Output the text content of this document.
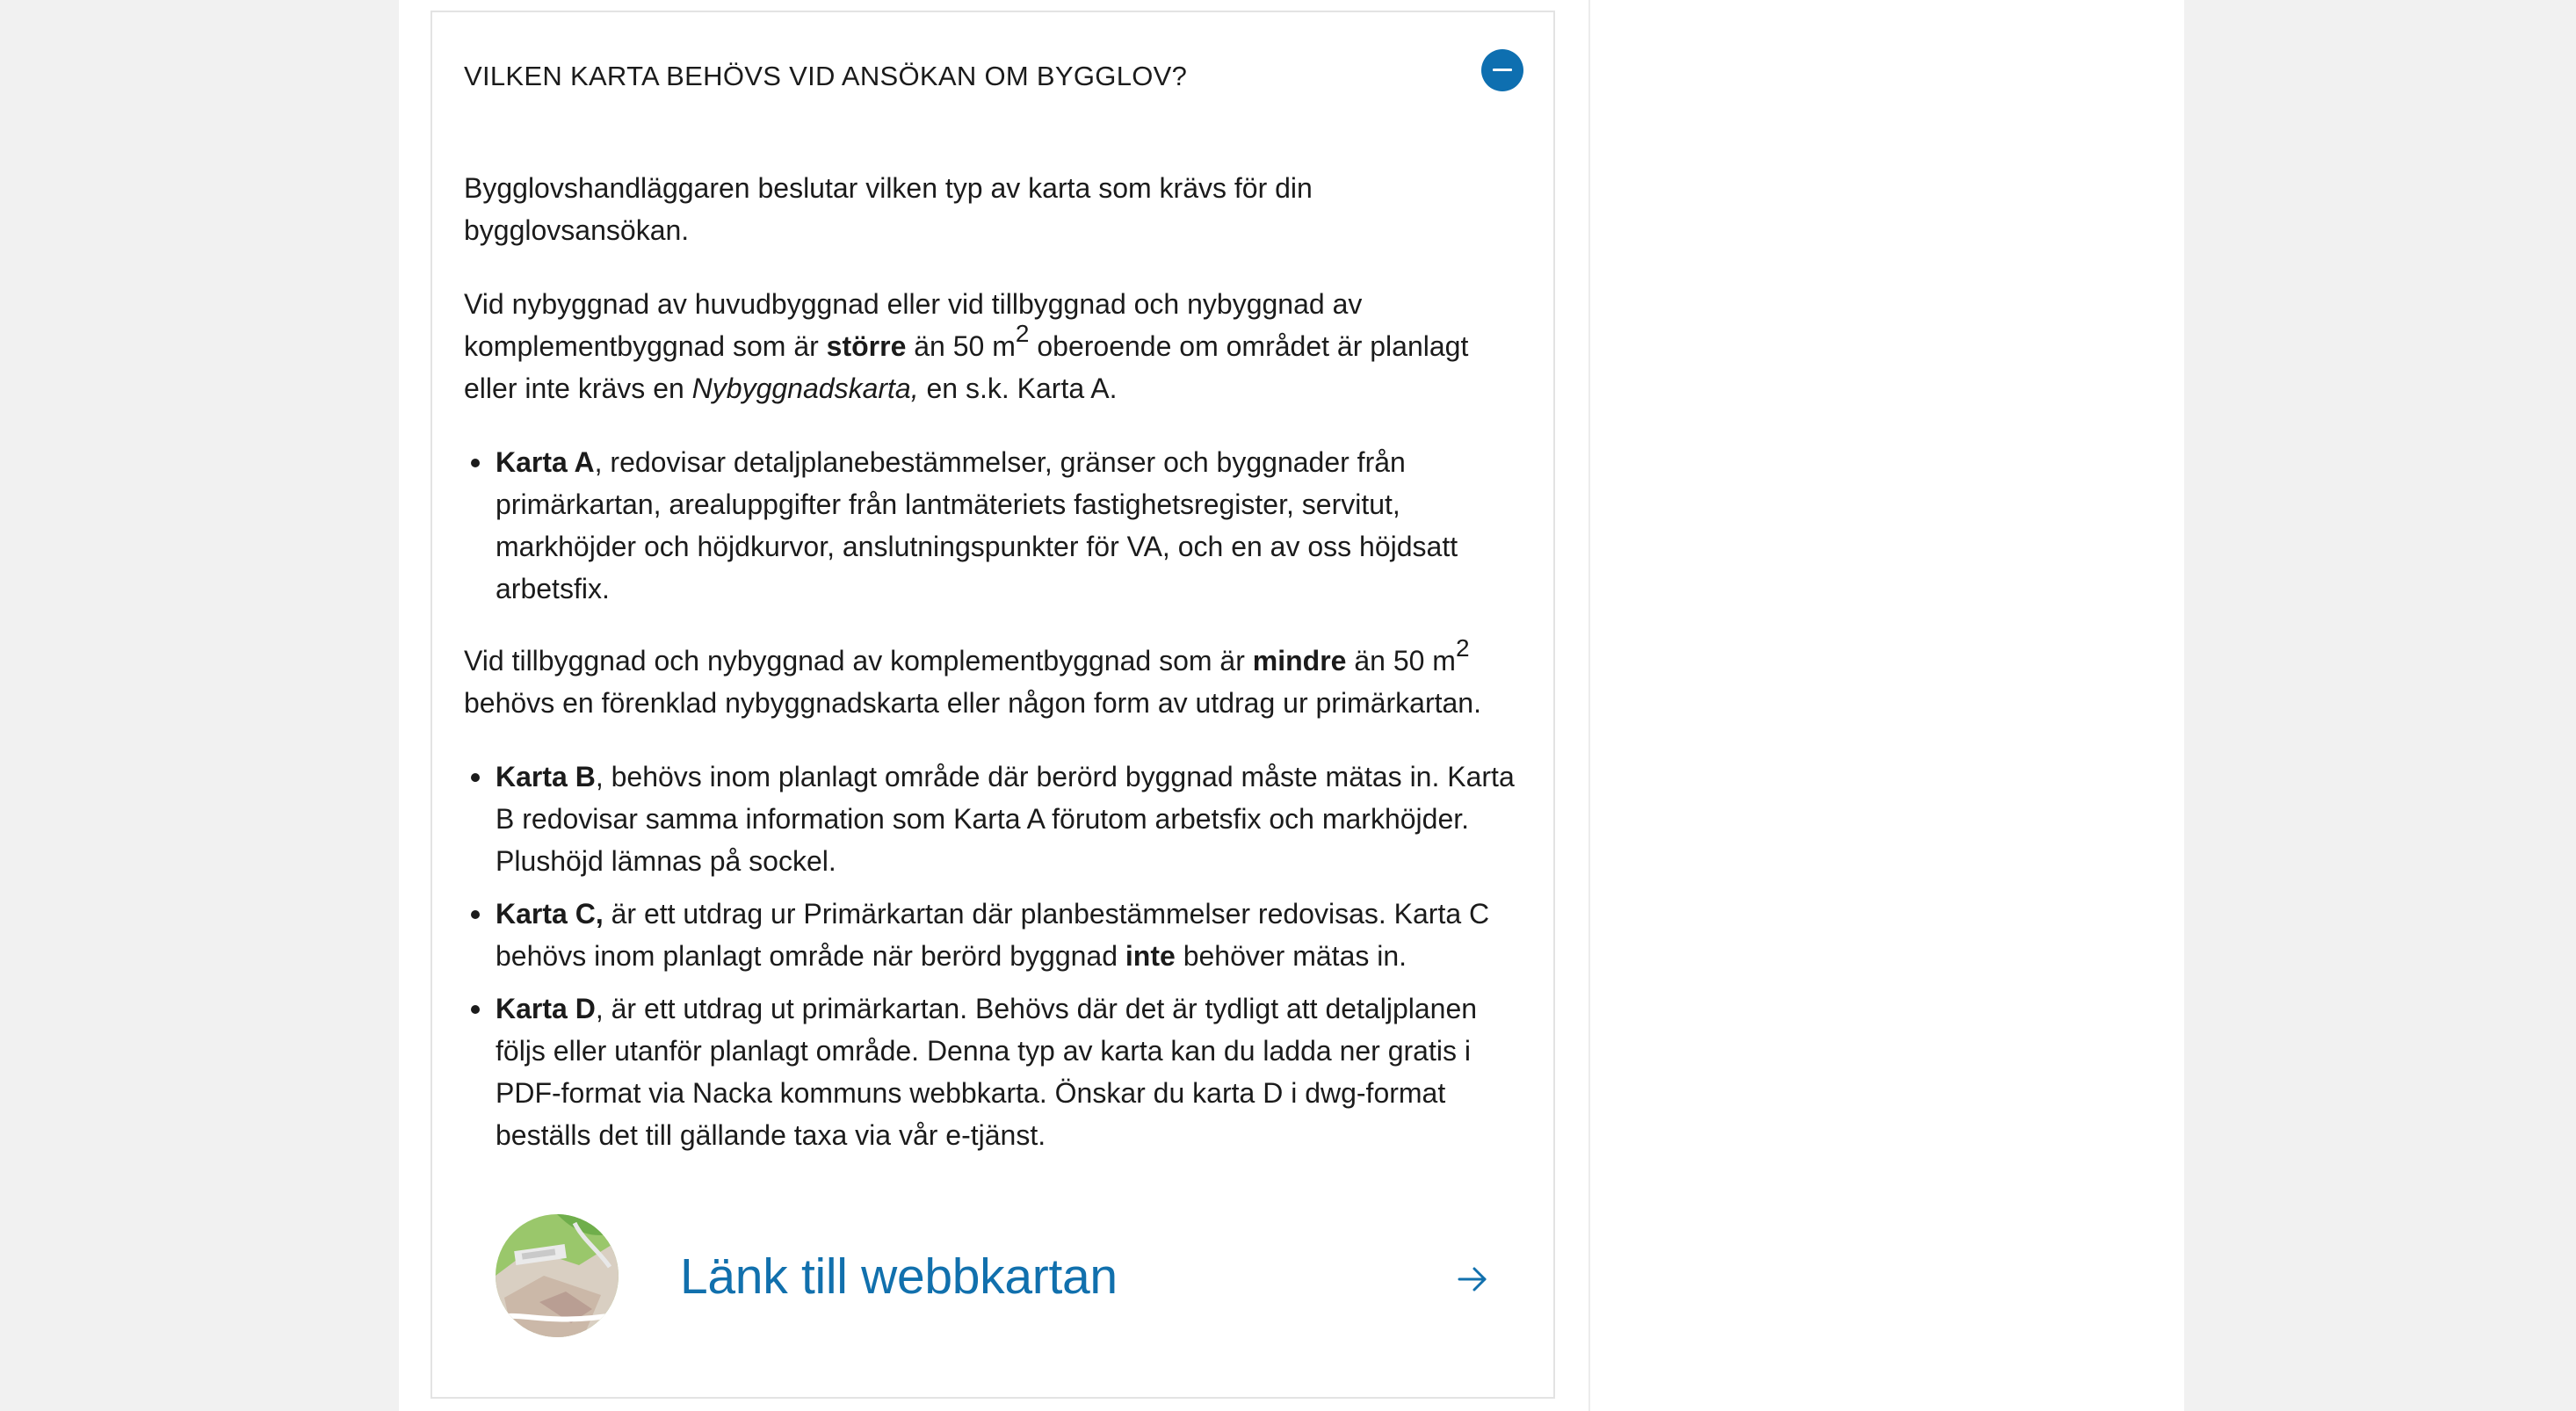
VILKEN KARTA BEHÖVS VID ANSÖKAN OM BYGGLOV?

Bygglovshandläggaren beslutar vilken typ av karta som krävs för din bygglovsansökan.

Vid nybyggnad av huvudbyggnad eller vid tillbyggnad och nybyggnad av komplementbyggnad som är större än 50 $m^2$ oberoende om området är planlagt eller inte krävs en Nybyggnadskarta, en s.k. Karta A.

Karta A, redovisar detaljplanebestämmelser, gränser och byggnader från primärkartan, arealuppgifter från lantmäteriets fastighetsregister, servitut, markhöjder och höjdkurvor, anslutningspunkter för VA, och en av oss höjdsatt arbetsfix.

Vid tillbyggnad och nybyggnad av komplementbyggnad som är mindre än 50 $m^2$ behövs en förenklad nybyggnadskarta eller någon form av utdrag ur primärkartan.

Karta B, behövs inom planlagt område där berörd byggnad måste mätas in. Karta B redovisar samma information som Karta A förutom arbetsfix och markhöjder. Plushöjd lämnas på sockel.
Karta C, är ett utdrag ur Primärkartan där planbestämmelser redovisas. Karta C behövs inom planlagt område när berörd byggnad inte behöver mätas in.
Karta D, är ett utdrag ut primärkartan. Behövs där det är tydligt att detaljplanen följs eller utanför planlagt område. Denna typ av karta kan du ladda ner gratis i PDF-format via Nacka kommuns webbkarta. Önskar du karta D i dwg-format beställs det till gällande taxa via vår e-tjänst.
Länk till webbkartan
